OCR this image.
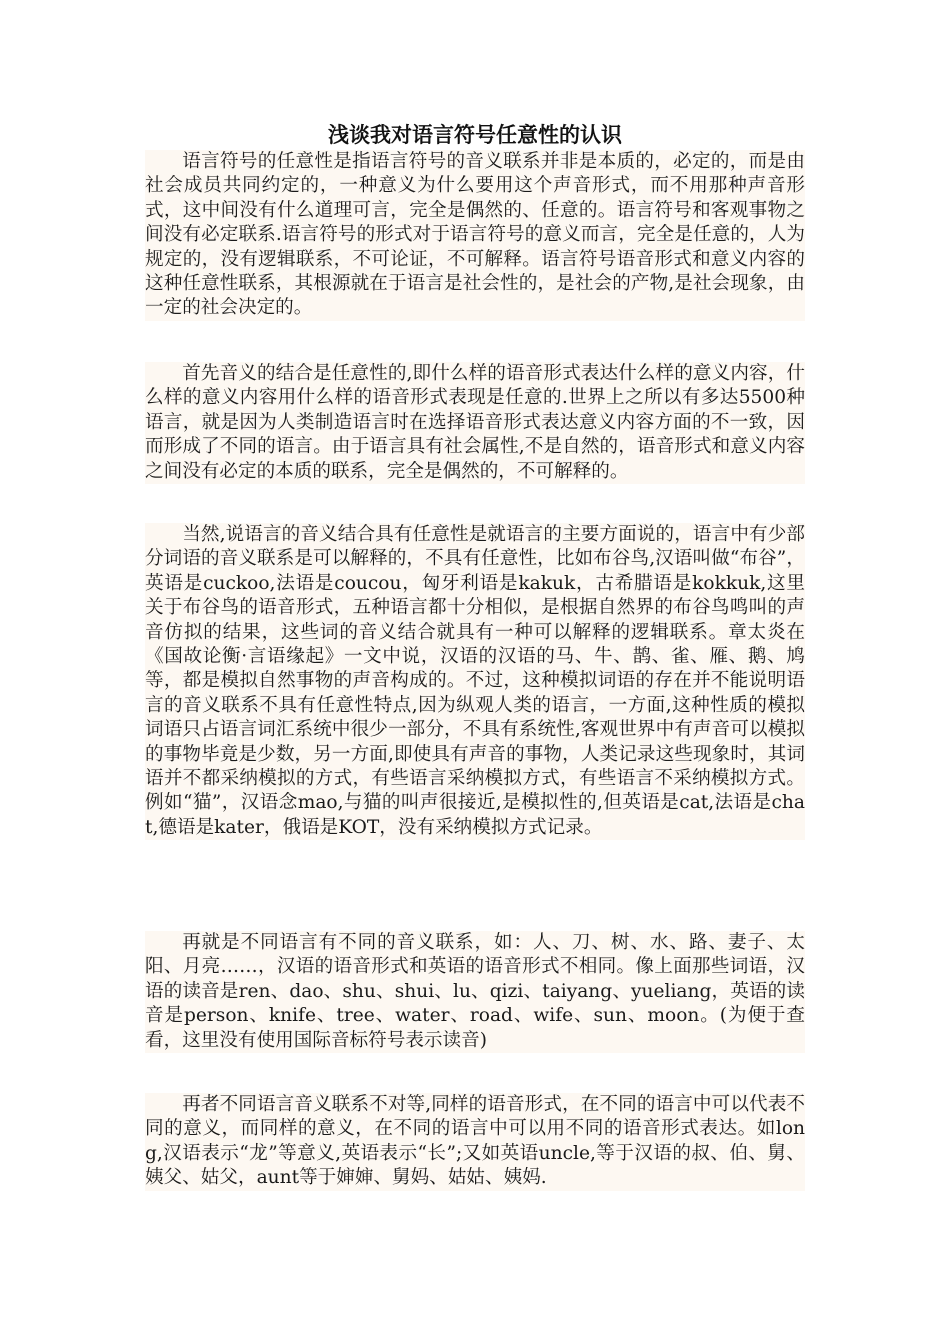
浅谈我对语言符号任意性的认识

语言符号的任意性是指语言符号的音义联系并非是本质的，必定的，而是由社会成员共同约定的，一种意义为什么要用这个声音形式，而不用那种声音形式，这中间没有什么道理可言，完全是偶然的、任意的。语言符号和客观事物之间没有必定联系.语言符号的形式对于语言符号的意义而言，完全是任意的，人为规定的，没有逻辑联系，不可论证，不可解释。语言符号语音形式和意义内容的这种任意性联系，其根源就在于语言是社会性的，是社会的产物,是社会现象，由一定的社会决定的。

首先音义的结合是任意性的,即什么样的语音形式表达什么样的意义内容，什么样的意义内容用什么样的语音形式表现是任意的.世界上之所以有多达5500种语言，就是因为人类制造语言时在选择语音形式表达意义内容方面的不一致，因而形成了不同的语言。由于语言具有社会属性,不是自然的，语音形式和意义内容之间没有必定的本质的联系，完全是偶然的，不可解释的。

当然,说语言的音义结合具有任意性是就语言的主要方面说的，语言中有少部分词语的音义联系是可以解释的，不具有任意性，比如布谷鸟,汉语叫做“布谷”，英语是cuckoo,法语是coucou，匈牙利语是kakuk，古希腊语是kokkuk,这里关于布谷鸟的语音形式，五种语言都十分相似，是根据自然界的布谷鸟鸣叫的声音仿拟的结果，这些词的音义结合就具有一种可以解释的逻辑联系。章太炎在《国故论衡·言语缘起》一文中说，汉语的汉语的马、牛、鹊、雀、雁、鹅、鸠等，都是模拟自然事物的声音构成的。不过，这种模拟词语的存在并不能说明语言的音义联系不具有任意性特点,因为纵观人类的语言，一方面,这种性质的模拟词语只占语言词汇系统中很少一部分，不具有系统性,客观世界中有声音可以模拟的事物毕竟是少数，另一方面,即使具有声音的事物，人类记录这些现象时，其词语并不都采纳模拟的方式，有些语言采纳模拟方式，有些语言不采纳模拟方式。例如“猫”，汉语念mao,与猫的叫声很接近,是模拟性的,但英语是cat,法语是chat,德语是kater，俄语是KOT，没有采纳模拟方式记录。

再就是不同语言有不同的音义联系，如：人、刀、树、水、路、妻子、太阳、月亮……，汉语的语音形式和英语的语音形式不相同。像上面那些词语，汉语的读音是ren、dao、shu、shui、lu、qizi、taiyang、yueliang，英语的读音是person、knife、tree、water、road、wife、sun、moon。(为便于查看，这里没有使用国际音标符号表示读音)

再者不同语言音义联系不对等,同样的语音形式，在不同的语言中可以代表不同的意义，而同样的意义，在不同的语言中可以用不同的语音形式表达。如long,汉语表示“龙”等意义,英语表示“长”;又如英语uncle,等于汉语的叔、伯、舅、姨父、姑父，aunt等于婶婶、舅妈、姑姑、姨妈.
